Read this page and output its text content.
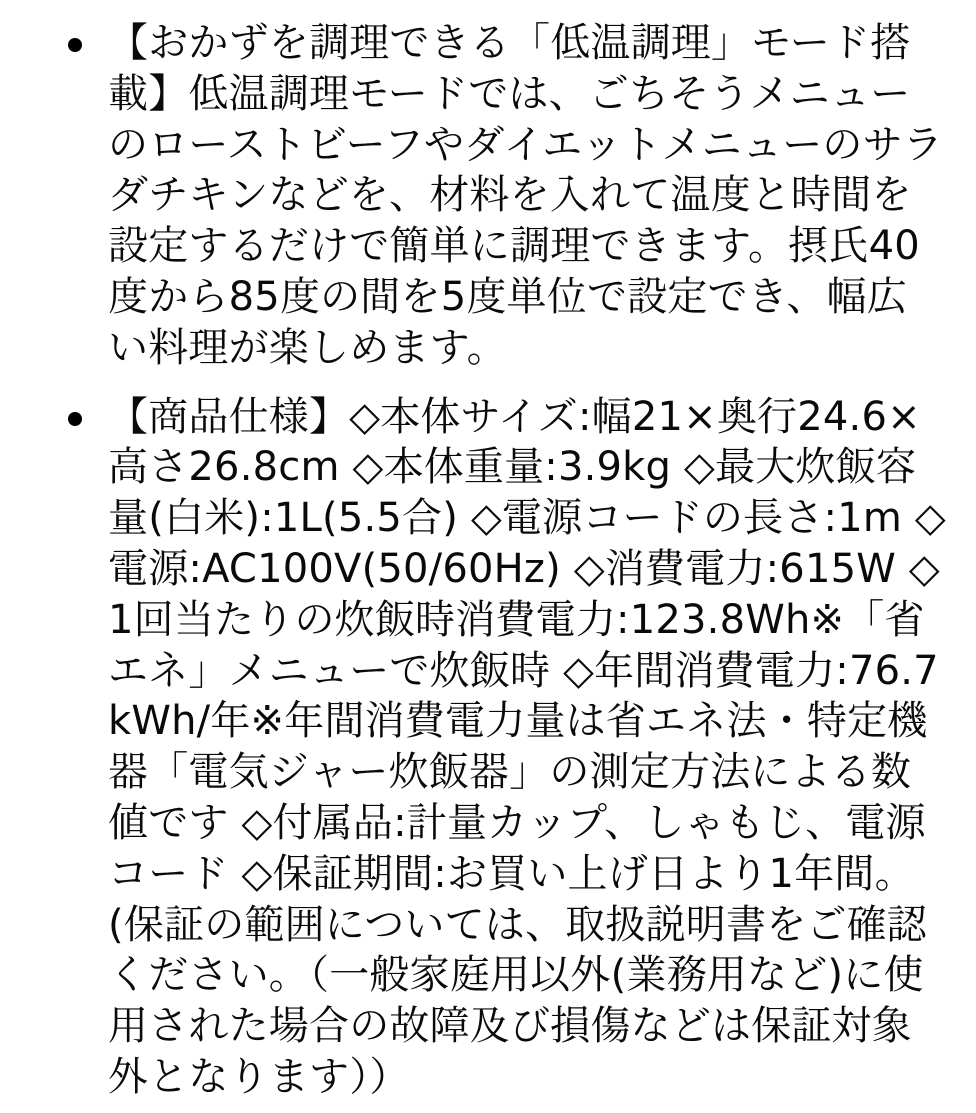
【おかずを調理できる「低温調理」モード搭載】低温調理モードでは、ごちそうメニューのローストビーフやダイエットメニューのサラダチキンなどを、材料を入れて温度と時間を設定するだけで簡単に調理できます。摂氏40度から85度の間を5度単位で設定でき、幅広い料理が楽しめます。
【商品仕様】◇本体サイズ:幅21×奥行24.6×高さ26.8cm ◇本体重量:3.9kg ◇最大炊飯容量(白米):1L(5.5合) ◇電源コードの長さ:1m ◇電源:AC100V(50/60Hz) ◇消費電力:615W ◇1回当たりの炊飯時消費電力:123.8Wh※「省エネ」メニューで炊飯時 ◇年間消費電力:76.7kWh/年※年間消費電力量は省エネ法・特定機器「電気ジャー炊飯器」の測定方法による数値です ◇付属品:計量カップ、しゃもじ、電源コード ◇保証期間:お買い上げ日より1年間。(保証の範囲については、取扱説明書をご確認ください。（一般家庭用以外(業務用など)に使用された場合の故障及び損傷などは保証対象外となります））
